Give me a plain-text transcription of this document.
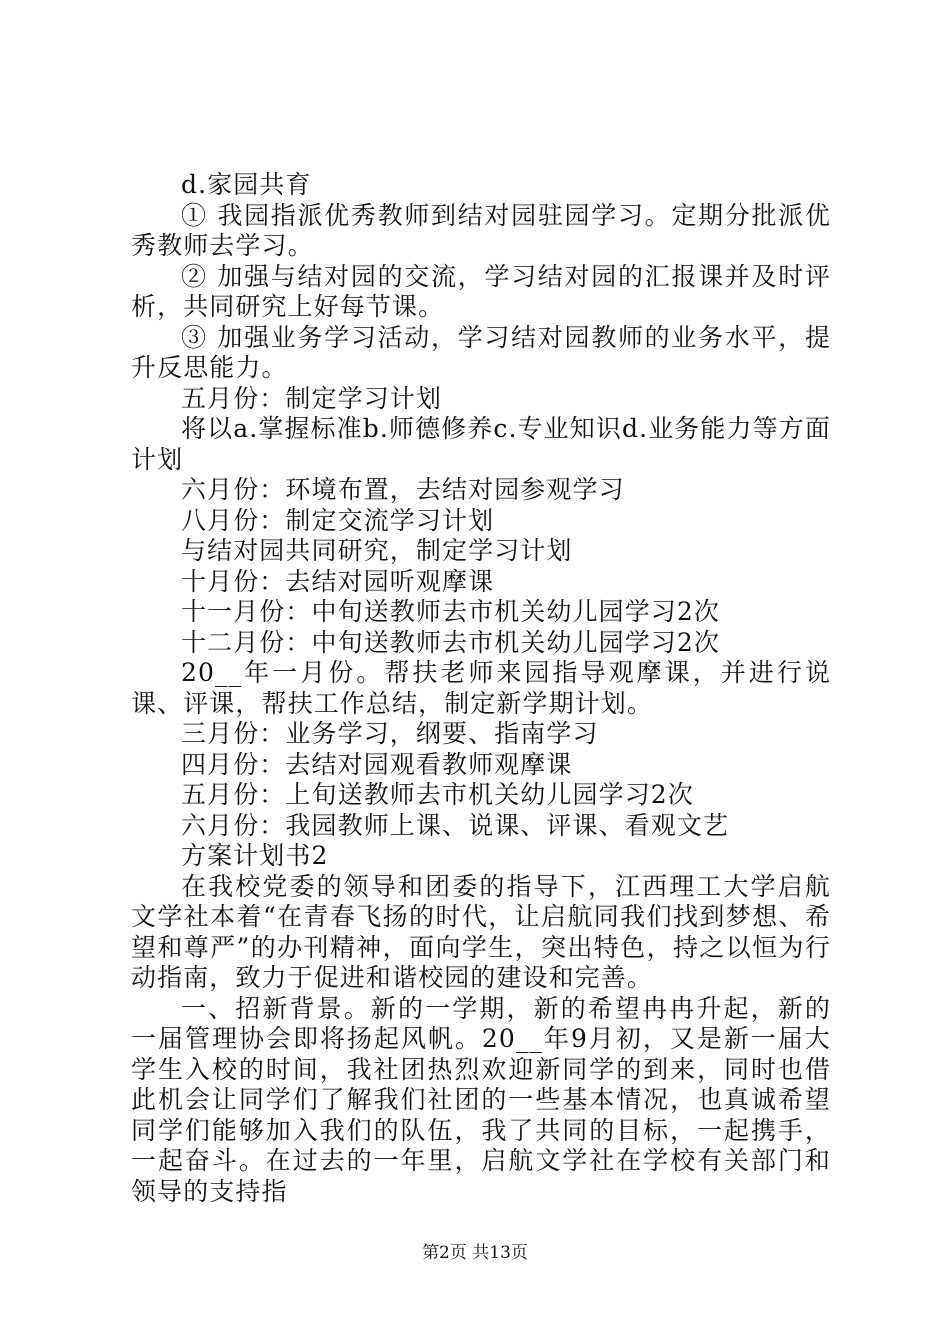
d.家园共育

① 我园指派优秀教师到结对园驻园学习。定期分批派优秀教师去学习。

② 加强与结对园的交流，学习结对园的汇报课并及时评析，共同研究上好每节课。

③ 加强业务学习活动，学习结对园教师的业务水平，提升反思能力。

五月份：制定学习计划

将以a.掌握标准b.师德修养c.专业知识d.业务能力等方面计划

六月份：环境布置，去结对园参观学习

八月份：制定交流学习计划

与结对园共同研究，制定学习计划

十月份：去结对园听观摩课

十一月份：中旬送教师去市机关幼儿园学习2次

十二月份：中旬送教师去市机关幼儿园学习2次

20__年一月份。帮扶老师来园指导观摩课，并进行说课、评课，帮扶工作总结，制定新学期计划。

三月份：业务学习，纲要、指南学习

四月份：去结对园观看教师观摩课

五月份：上旬送教师去市机关幼儿园学习2次

六月份：我园教师上课、说课、评课、看观文艺

方案计划书2

在我校党委的领导和团委的指导下，江西理工大学启航文学社本着“在青春飞扬的时代，让启航同我们找到梦想、希望和尊严”的办刊精神，面向学生，突出特色，持之以恒为行动指南，致力于促进和谐校园的建设和完善。

一、招新背景。新的一学期，新的希望冉冉升起，新的一届管理协会即将扬起风帆。20__年9月初，又是新一届大学生入校的时间，我社团热烈欢迎新同学的到来，同时也借此机会让同学们了解我们社团的一些基本情况，也真诚希望同学们能够加入我们的队伍，我了共同的目标，一起携手，一起奋斗。在过去的一年里，启航文学社在学校有关部门和领导的支持指

第2页 共13页
